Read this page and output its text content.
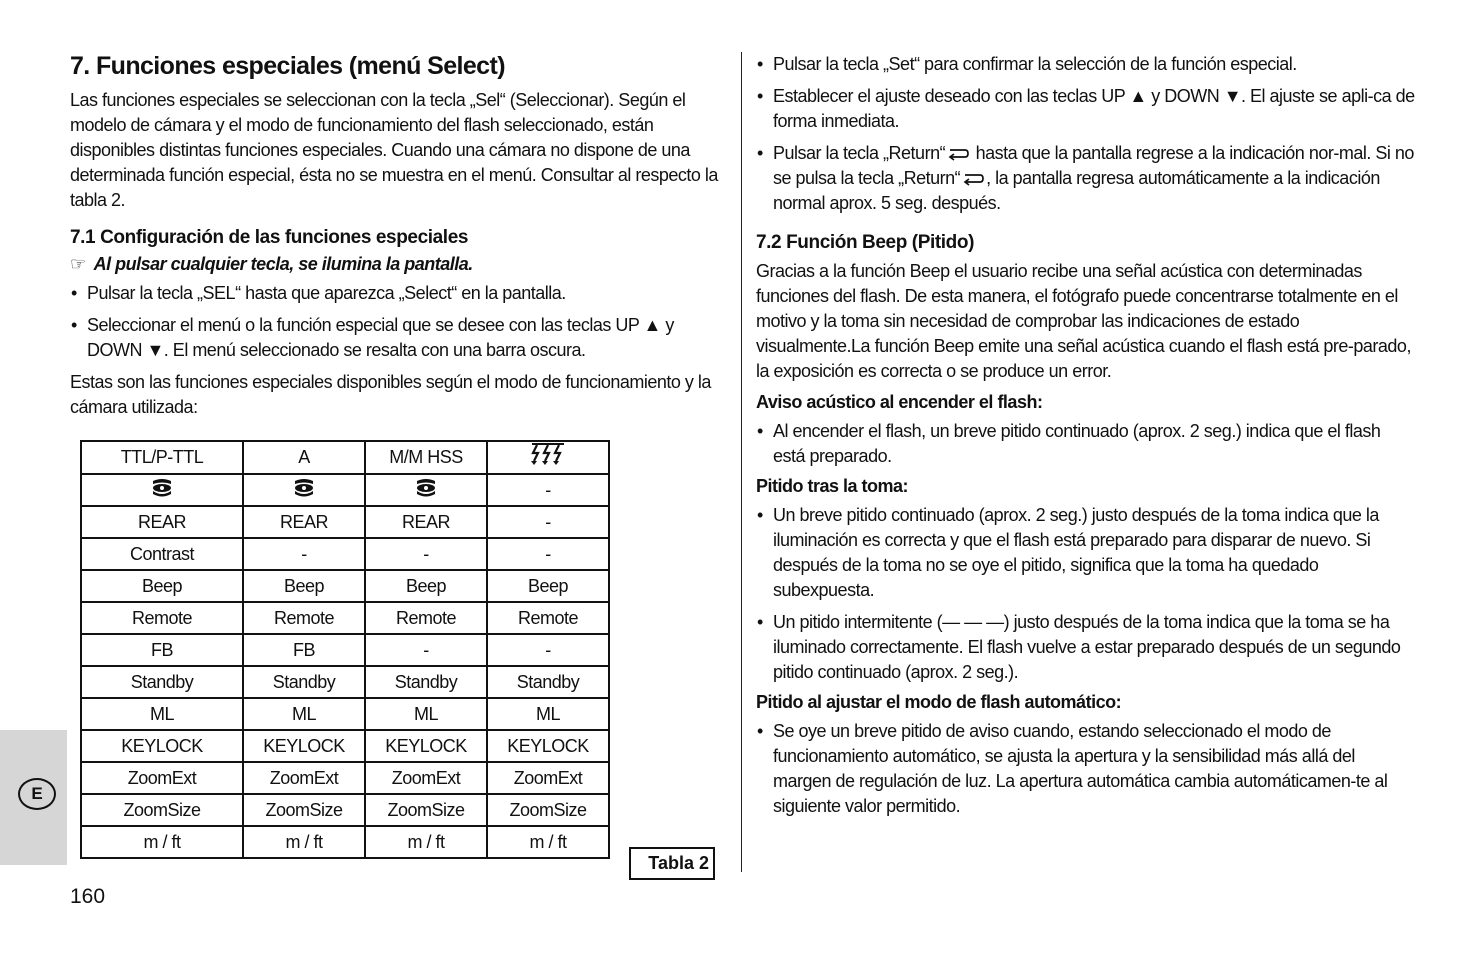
E
160
7. Funciones especiales (menú Select)

Las funciones especiales se seleccionan con la tecla „Sel“ (Seleccionar). Según el modelo de cámara y el modo de funcionamiento del flash seleccionado, están disponibles distintas funciones especiales. Cuando una cámara no dispone de una determinada función especial, ésta no se muestra en el menú. Consultar al respecto la tabla 2.

7.1 Configuración de las funciones especiales
☞ Al pulsar cualquier tecla, se ilumina la pantalla.
• Pulsar la tecla „SEL“ hasta que aparezca „Select“ en la pantalla.
• Seleccionar el menú o la función especial que se desee con las teclas UP ▲ y DOWN ▼. El menú seleccionado se resalta con una barra oscura.

Estas son las funciones especiales disponibles según el modo de funcionamiento y la cámara utilizada:

TTL/P-TTL	A	M/M HSS	
			-
REAR	REAR	REAR	-
Contrast	-	-	-
Beep	Beep	Beep	Beep
Remote	Remote	Remote	Remote
FB	FB	-	-
Standby	Standby	Standby	Standby
ML	ML	ML	ML
KEYLOCK	KEYLOCK	KEYLOCK	KEYLOCK
ZoomExt	ZoomExt	ZoomExt	ZoomExt
ZoomSize	ZoomSize	ZoomSize	ZoomSize
m / ft	m / ft	m / ft	m / ft
Tabla 2
• Pulsar la tecla „Set“ para confirmar la selección de la función especial.
• Establecer el ajuste deseado con las teclas UP ▲ y DOWN ▼. El ajuste se apli-ca de forma inmediata.
• Pulsar la tecla „Return“ hasta que la pantalla regrese a la indicación nor-mal. Si no se pulsa la tecla „Return“ , la pantalla regresa automáticamente a la indicación normal aprox. 5 seg. después.
7.2 Función Beep (Pitido)

Gracias a la función Beep el usuario recibe una señal acústica con determinadas funciones del flash. De esta manera, el fotógrafo puede concentrarse totalmente en el motivo y la toma sin necesidad de comprobar las indicaciones de estado visualmente.La función Beep emite una señal acústica cuando el flash está pre-parado, la exposición es correcta o se produce un error.

Aviso acústico al encender el flash:
• Al encender el flash, un breve pitido continuado (aprox. 2 seg.) indica que el flash está preparado.
Pitido tras la toma:
• Un breve pitido continuado (aprox. 2 seg.) justo después de la toma indica que la iluminación es correcta y que el flash está preparado para disparar de nuevo. Si después de la toma no se oye el pitido, significa que la toma ha quedado subexpuesta.
• Un pitido intermitente (— — —) justo después de la toma indica que la toma se ha iluminado correctamente. El flash vuelve a estar preparado después de un segundo pitido continuado (aprox. 2 seg.).
Pitido al ajustar el modo de flash automático:
• Se oye un breve pitido de aviso cuando, estando seleccionado el modo de funcionamiento automático, se ajusta la apertura y la sensibilidad más allá del margen de regulación de luz. La apertura automática cambia automáticamen-te al siguiente valor permitido.
